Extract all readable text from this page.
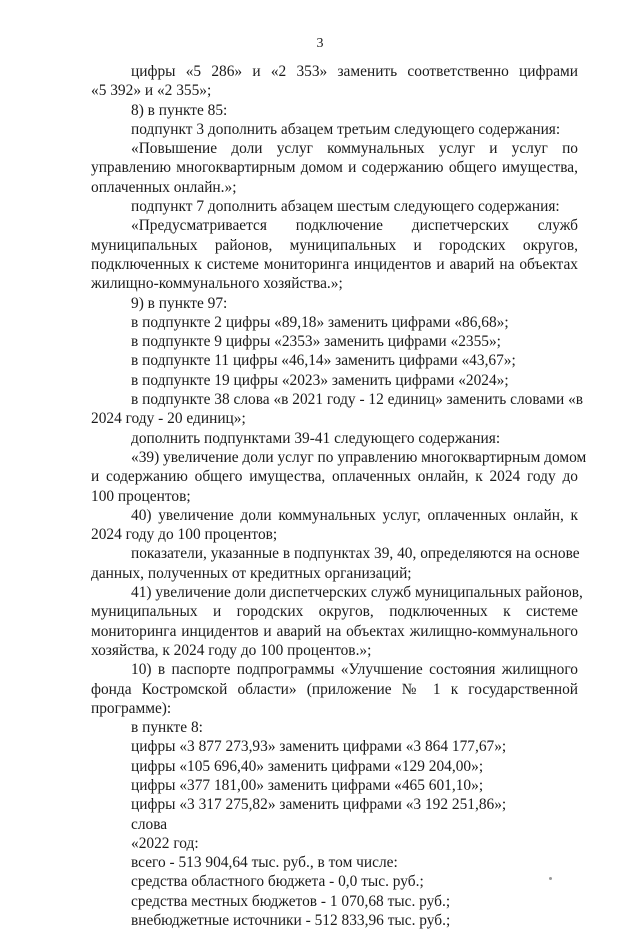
3
цифры «5 286» и «2 353» заменить соответственно цифрами
«5 392» и «2 355»;
8) в пункте 85:
подпункт 3 дополнить абзацем третьим следующего содержания:
«Повышение доли услуг коммунальных услуг и услуг по
управлению многоквартирным домом и содержанию общего имущества,
оплаченных онлайн.»;
подпункт 7 дополнить абзацем шестым следующего содержания:
«Предусматривается подключение диспетчерских служб
муниципальных районов, муниципальных и городских округов,
подключенных к системе мониторинга инцидентов и аварий на объектах
жилищно-коммунального хозяйства.»;
9) в пункте 97:
в подпункте 2 цифры «89,18» заменить цифрами «86,68»;
в подпункте 9 цифры «2353» заменить цифрами «2355»;
в подпункте 11 цифры «46,14» заменить цифрами «43,67»;
в подпункте 19 цифры «2023» заменить цифрами «2024»;
в подпункте 38 слова «в 2021 году - 12 единиц» заменить словами «в
2024 году - 20 единиц»;
дополнить подпунктами 39-41 следующего содержания:
«39) увеличение доли услуг по управлению многоквартирным домом
и содержанию общего имущества, оплаченных онлайн, к 2024 году до
100 процентов;
40) увеличение доли коммунальных услуг, оплаченных онлайн, к
2024 году до 100 процентов;
показатели, указанные в подпунктах 39, 40, определяются на основе
данных, полученных от кредитных организаций;
41) увеличение доли диспетчерских служб муниципальных районов,
муниципальных и городских округов, подключенных к системе
мониторинга инцидентов и аварий на объектах жилищно-коммунального
хозяйства, к 2024 году до 100 процентов.»;
10) в паспорте подпрограммы «Улучшение состояния жилищного
фонда Костромской области» (приложение № 1 к государственной
программе):
в пункте 8:
цифры «3 877 273,93» заменить цифрами «3 864 177,67»;
цифры «105 696,40» заменить цифрами «129 204,00»;
цифры «377 181,00» заменить цифрами «465 601,10»;
цифры «3 317 275,82» заменить цифрами «3 192 251,86»;
слова
«2022 год:
всего - 513 904,64 тыс. руб., в том числе:
средства областного бюджета - 0,0 тыс. руб.;
средства местных бюджетов - 1 070,68 тыс. руб.;
внебюджетные источники - 512 833,96 тыс. руб.;
